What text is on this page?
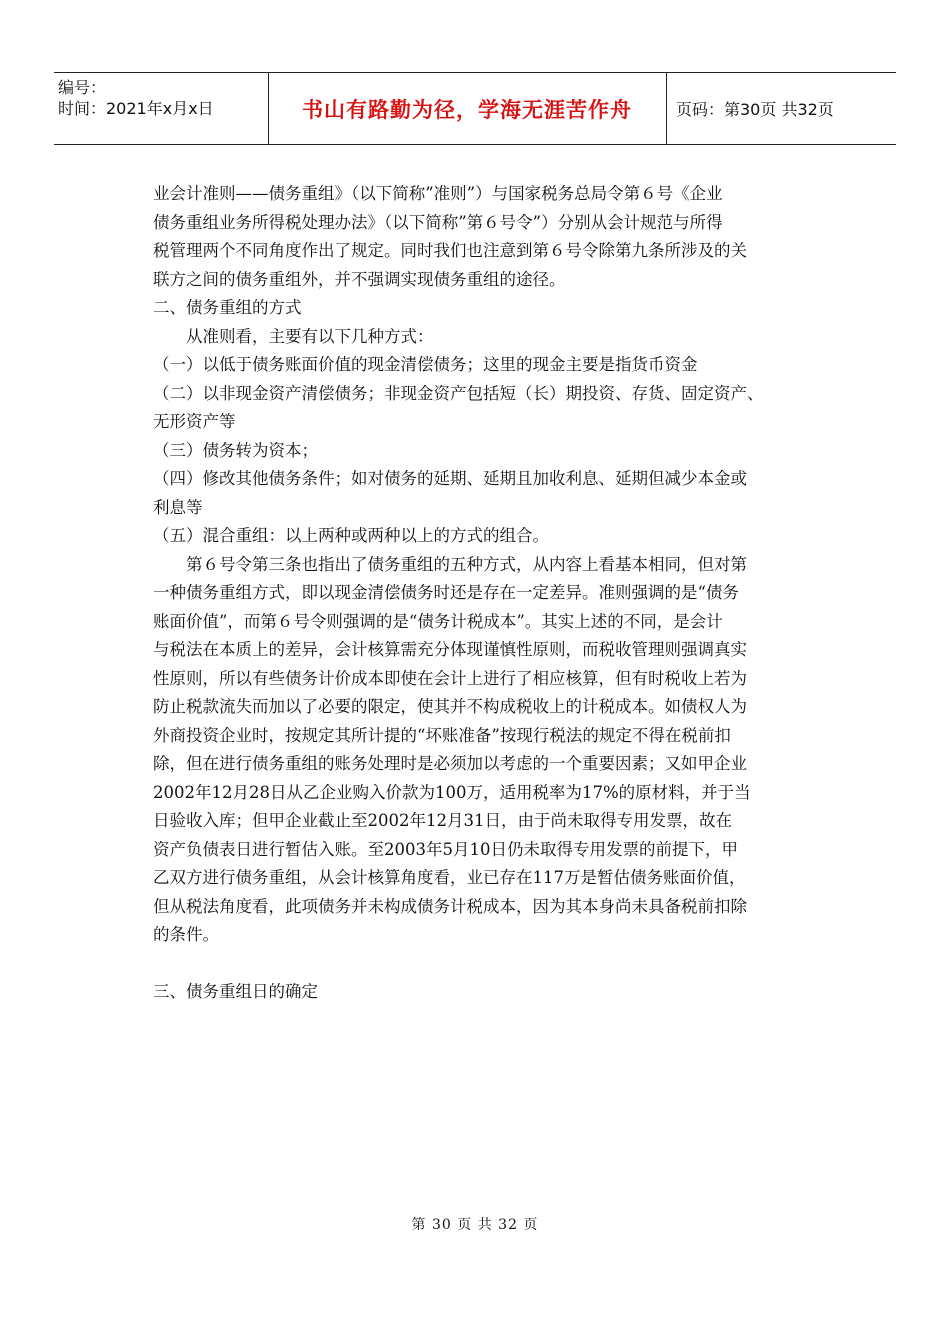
编号：
时间：2021年x月x日	书山有路勤为径，学海无涯苦作舟	页码：第30页 共32页

业会计准则——债务重组》（以下简称”准则”）与国家税务总局令第６号《企业

债务重组业务所得税处理办法》（以下简称”第６号令”）分别从会计规范与所得

税管理两个不同角度作出了规定。同时我们也注意到第６号令除第九条所涉及的关

联方之间的债务重组外，并不强调实现债务重组的途径。

二、债务重组的方式

从准则看，主要有以下几种方式：

（一）以低于债务账面价值的现金清偿债务；这里的现金主要是指货币资金

（二）以非现金资产清偿债务；非现金资产包括短（长）期投资、存货、固定资产、

无形资产等

（三）债务转为资本；

（四）修改其他债务条件；如对债务的延期、延期且加收利息、延期但减少本金或

利息等

（五）混合重组：以上两种或两种以上的方式的组合。

第６号令第三条也指出了债务重组的五种方式，从内容上看基本相同，但对第

一种债务重组方式，即以现金清偿债务时还是存在一定差异。准则强调的是“债务

账面价值”，而第６号令则强调的是“债务计税成本”。其实上述的不同，是会计

与税法在本质上的差异，会计核算需充分体现谨慎性原则，而税收管理则强调真实

性原则，所以有些债务计价成本即使在会计上进行了相应核算，但有时税收上若为

防止税款流失而加以了必要的限定，使其并不构成税收上的计税成本。如债权人为

外商投资企业时，按规定其所计提的“坏账准备”按现行税法的规定不得在税前扣

除，但在进行债务重组的账务处理时是必须加以考虑的一个重要因素；又如甲企业

2002年12月28日从乙企业购入价款为100万，适用税率为17%的原材料，并于当

日验收入库；但甲企业截止至2002年12月31日，由于尚未取得专用发票，故在

资产负债表日进行暂估入账。至2003年5月10日仍未取得专用发票的前提下，甲

乙双方进行债务重组，从会计核算角度看，业已存在117万是暂估债务账面价值，

但从税法角度看，此项债务并未构成债务计税成本，因为其本身尚未具备税前扣除

的条件。

三、债务重组日的确定

第 30 页 共 32 页
